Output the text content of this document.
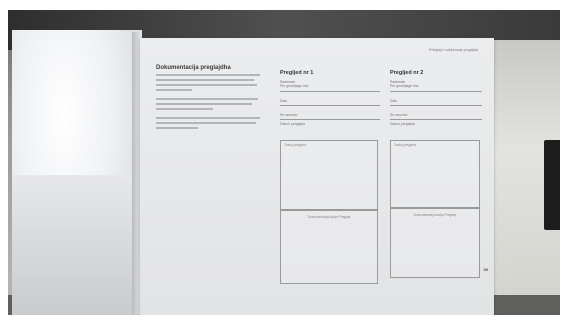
Prieglajd i održavanje proglajda
Dokumentacija preglajdha
Pregljed nr 1
Rastoanie
Pre grudeljage ime
Datu
Re rarumisi
Datum preglajda
Zastoj pregjeda
Dokumentacija kacija Preglaje
Pregljed nr 2
Rastoanie
Pre grudeljage ime
Datu
Re rarumisi
Datum preglajda
Zastoj pregjeda
Dokumentacija kacija Preglaje
99
